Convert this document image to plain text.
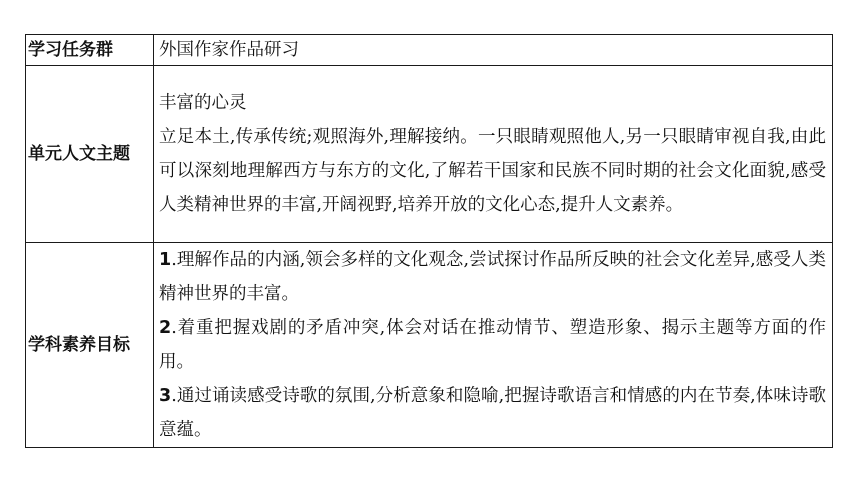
学习任务群	外国作家作品研习
单元人文主题	丰富的心灵
立足本土,传承传统;观照海外,理解接纳。一只眼睛观照他人,另一只眼睛审视自我,由此可以深刻地理解西方与东方的文化,了解若干国家和民族不同时期的社会文化面貌,感受人类精神世界的丰富,开阔视野,培养开放的文化心态,提升人文素养。

学科素养目标	1.理解作品的内涵,领会多样的文化观念,尝试探讨作品所反映的社会文化差异,感受人类精神世界的丰富。
2.着重把握戏剧的矛盾冲突,体会对话在推动情节、塑造形象、揭示主题等方面的作用。
3.通过诵读感受诗歌的氛围,分析意象和隐喻,把握诗歌语言和情感的内在节奏,体味诗歌意蕴。
